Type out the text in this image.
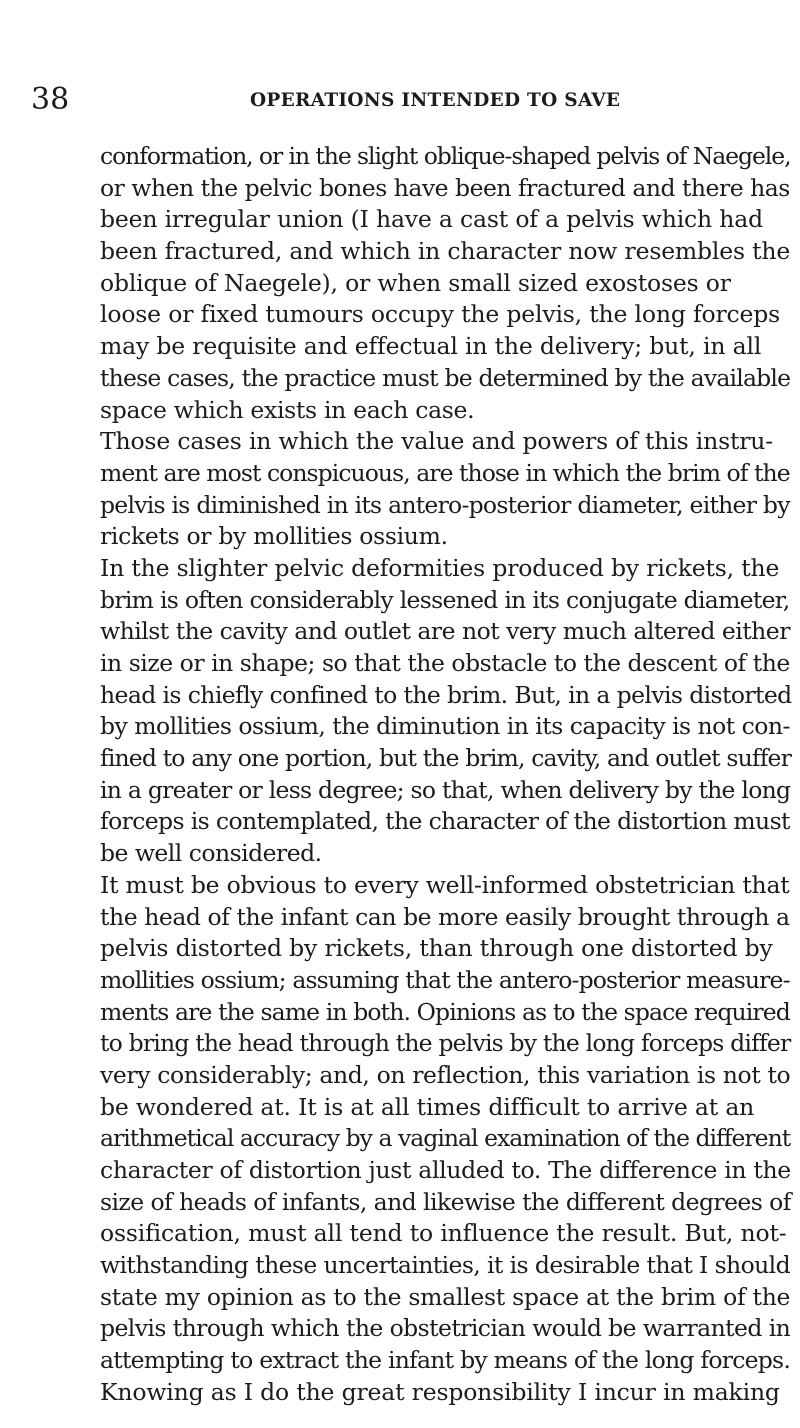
38	OPERATIONS INTENDED TO SAVE
conformation, or in the slight oblique-shaped pelvis of Naegele,
or when the pelvic bones have been fractured and there has
been irregular union (I have a cast of a pelvis which had
been fractured, and which in character now resembles the
oblique of Naegele), or when small sized exostoses or
loose or fixed tumours occupy the pelvis, the long forceps
may be requisite and effectual in the delivery; but, in all
these cases, the practice must be determined by the available
space which exists in each case.
Those cases in which the value and powers of this instru-
ment are most conspicuous, are those in which the brim of the
pelvis is diminished in its antero-posterior diameter, either by
rickets or by mollities ossium.
In the slighter pelvic deformities produced by rickets, the
brim is often considerably lessened in its conjugate diameter,
whilst the cavity and outlet are not very much altered either
in size or in shape; so that the obstacle to the descent of the
head is chiefly confined to the brim. But, in a pelvis distorted
by mollities ossium, the diminution in its capacity is not con-
fined to any one portion, but the brim, cavity, and outlet suffer
in a greater or less degree; so that, when delivery by the long
forceps is contemplated, the character of the distortion must
be well considered.
It must be obvious to every well-informed obstetrician that
the head of the infant can be more easily brought through a
pelvis distorted by rickets, than through one distorted by
mollities ossium; assuming that the antero-posterior measure-
ments are the same in both. Opinions as to the space required
to bring the head through the pelvis by the long forceps differ
very considerably; and, on reflection, this variation is not to
be wondered at. It is at all times difficult to arrive at an
arithmetical accuracy by a vaginal examination of the different
character of distortion just alluded to. The difference in the
size of heads of infants, and likewise the different degrees of
ossification, must all tend to influence the result. But, not-
withstanding these uncertainties, it is desirable that I should
state my opinion as to the smallest space at the brim of the
pelvis through which the obstetrician would be warranted in
attempting to extract the infant by means of the long forceps.
Knowing as I do the great responsibility I incur in making
